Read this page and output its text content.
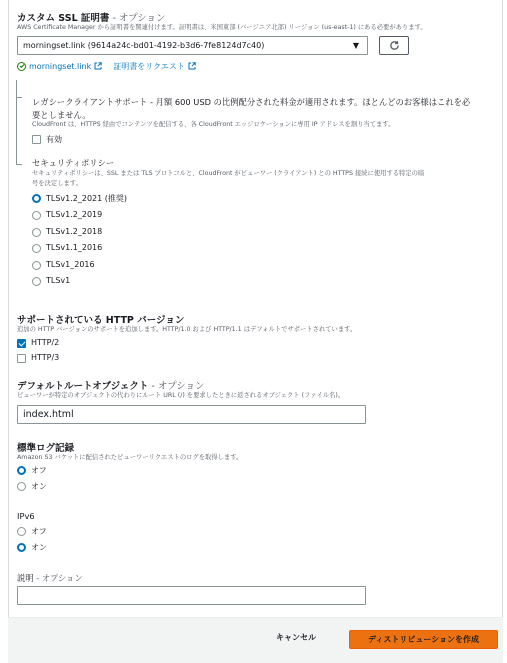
カスタム SSL 証明書 - オプション
AWS Certificate Manager から証明書を関連付けます。証明書は、米国東部 (バージニア北部) リージョン (us-east-1) にある必要があります。
morningset.link (9614a24c-bd01-4192-b3d6-7fe8124d7c40)	▼
morningset.link	証明書をリクエスト
レガシークライアントサポート - 月額 600 USD の比例配分された料金が適用されます。ほとんどのお客様はこれを必
要としません。
CloudFront は、HTTPS 経由でコンテンツを配信する、各 CloudFront エッジロケーションに専用 IP アドレスを割り当てます。
有効
セキュリティポリシー
セキュリティポリシーは、SSL または TLS プロトコルと、CloudFront がビューワー (クライアント) との HTTPS 接続に使用する特定の暗
号を決定します。
TLSv1.2_2021 (推奨)
TLSv1.2_2019
TLSv1.2_2018
TLSv1.1_2016
TLSv1_2016
TLSv1
サポートされている HTTP バージョン
追加の HTTP バージョンのサポートを追加します。HTTP/1.0 および HTTP/1.1 はデフォルトでサポートされています。
HTTP/2
HTTP/3
デフォルトルートオブジェクト - オプション
ビューワーが特定のオブジェクトの代わりにルート URL (/) を要求したときに返されるオブジェクト (ファイル名)。
index.html
標準ログ記録
Amazon S3 バケットに配信されたビューワーリクエストのログを取得します。
オフ
オン
IPv6
オフ
オン
説明 - オプション
キャンセル	ディストリビューションを作成
